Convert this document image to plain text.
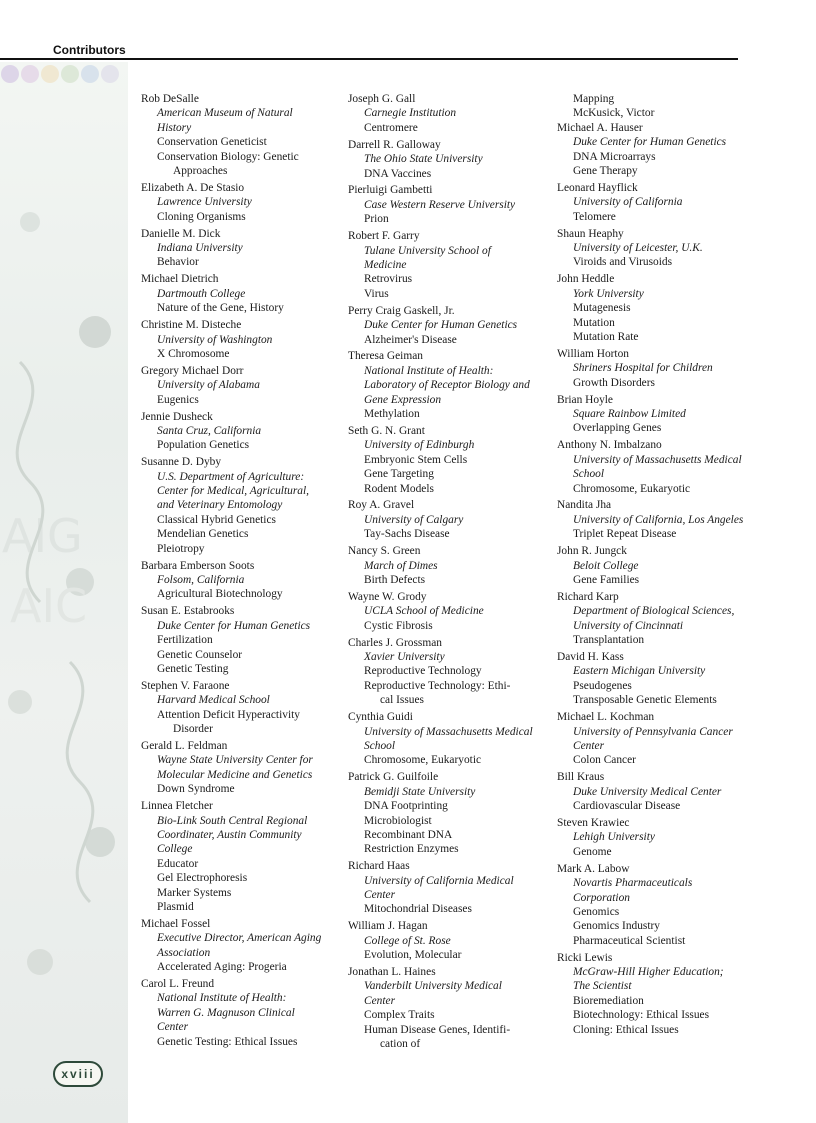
Contributors
AIG
AIC
Rob DeSalle
American Museum of Natural
History
Conservation Geneticist
Conservation Biology: Genetic
Approaches
Elizabeth A. De Stasio
Lawrence University
Cloning Organisms
Danielle M. Dick
Indiana University
Behavior
Michael Dietrich
Dartmouth College
Nature of the Gene, History
Christine M. Disteche
University of Washington
X Chromosome
Gregory Michael Dorr
University of Alabama
Eugenics
Jennie Dusheck
Santa Cruz, California
Population Genetics
Susanne D. Dyby
U.S. Department of Agriculture:
Center for Medical, Agricultural,
and Veterinary Entomology
Classical Hybrid Genetics
Mendelian Genetics
Pleiotropy
Barbara Emberson Soots
Folsom, California
Agricultural Biotechnology
Susan E. Estabrooks
Duke Center for Human Genetics
Fertilization
Genetic Counselor
Genetic Testing
Stephen V. Faraone
Harvard Medical School
Attention Deficit Hyperactivity
Disorder
Gerald L. Feldman
Wayne State University Center for
Molecular Medicine and Genetics
Down Syndrome
Linnea Fletcher
Bio-Link South Central Regional
Coordinater, Austin Community
College
Educator
Gel Electrophoresis
Marker Systems
Plasmid
Michael Fossel
Executive Director, American Aging
Association
Accelerated Aging: Progeria
Carol L. Freund
National Institute of Health:
Warren G. Magnuson Clinical
Center
Genetic Testing: Ethical Issues
Joseph G. Gall
Carnegie Institution
Centromere
Darrell R. Galloway
The Ohio State University
DNA Vaccines
Pierluigi Gambetti
Case Western Reserve University
Prion
Robert F. Garry
Tulane University School of
Medicine
Retrovirus
Virus
Perry Craig Gaskell, Jr.
Duke Center for Human Genetics
Alzheimer's Disease
Theresa Geiman
National Institute of Health:
Laboratory of Receptor Biology and
Gene Expression
Methylation
Seth G. N. Grant
University of Edinburgh
Embryonic Stem Cells
Gene Targeting
Rodent Models
Roy A. Gravel
University of Calgary
Tay-Sachs Disease
Nancy S. Green
March of Dimes
Birth Defects
Wayne W. Grody
UCLA School of Medicine
Cystic Fibrosis
Charles J. Grossman
Xavier University
Reproductive Technology
Reproductive Technology: Ethi-
cal Issues
Cynthia Guidi
University of Massachusetts Medical
School
Chromosome, Eukaryotic
Patrick G. Guilfoile
Bemidji State University
DNA Footprinting
Microbiologist
Recombinant DNA
Restriction Enzymes
Richard Haas
University of California Medical
Center
Mitochondrial Diseases
William J. Hagan
College of St. Rose
Evolution, Molecular
Jonathan L. Haines
Vanderbilt University Medical
Center
Complex Traits
Human Disease Genes, Identifi-
cation of
Mapping
McKusick, Victor
Michael A. Hauser
Duke Center for Human Genetics
DNA Microarrays
Gene Therapy
Leonard Hayflick
University of California
Telomere
Shaun Heaphy
University of Leicester, U.K.
Viroids and Virusoids
John Heddle
York University
Mutagenesis
Mutation
Mutation Rate
William Horton
Shriners Hospital for Children
Growth Disorders
Brian Hoyle
Square Rainbow Limited
Overlapping Genes
Anthony N. Imbalzano
University of Massachusetts Medical
School
Chromosome, Eukaryotic
Nandita Jha
University of California, Los Angeles
Triplet Repeat Disease
John R. Jungck
Beloit College
Gene Families
Richard Karp
Department of Biological Sciences,
University of Cincinnati
Transplantation
David H. Kass
Eastern Michigan University
Pseudogenes
Transposable Genetic Elements
Michael L. Kochman
University of Pennsylvania Cancer
Center
Colon Cancer
Bill Kraus
Duke University Medical Center
Cardiovascular Disease
Steven Krawiec
Lehigh University
Genome
Mark A. Labow
Novartis Pharmaceuticals
Corporation
Genomics
Genomics Industry
Pharmaceutical Scientist
Ricki Lewis
McGraw-Hill Higher Education;
The Scientist
Bioremediation
Biotechnology: Ethical Issues
Cloning: Ethical Issues
xviii
